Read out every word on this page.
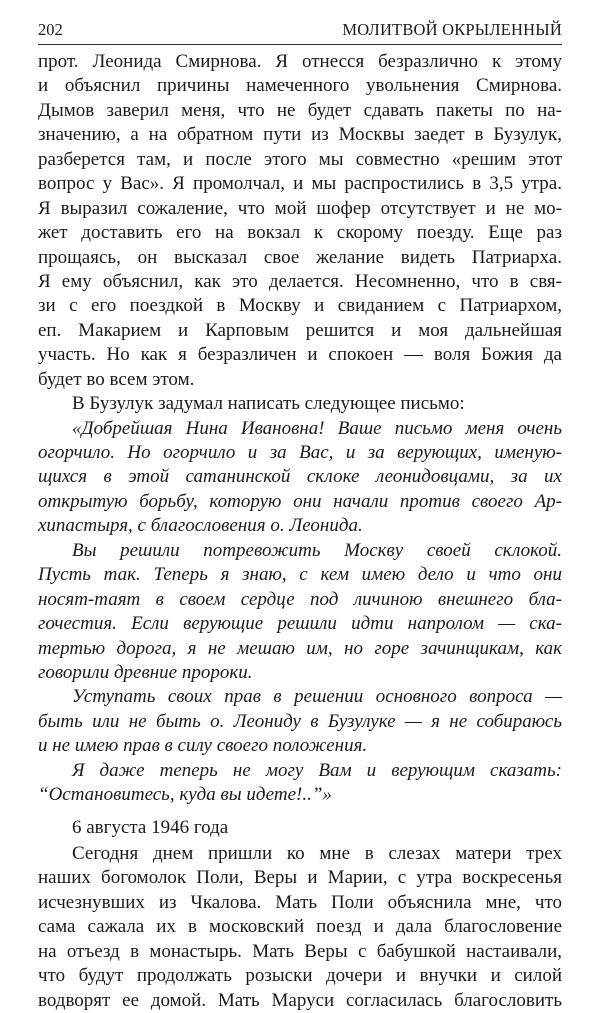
202	МОЛИТВОЙ ОКРЫЛЕННЫЙ
прот. Леонида Смирнова. Я отнесся безразлично к этому
и объяснил причины намеченного увольнения Смирнова.
Дымов заверил меня, что не будет сдавать пакеты по на-
значению, а на обратном пути из Москвы заедет в Бузулук,
разберется там, и после этого мы совместно «решим этот
вопрос у Вас». Я промолчал, и мы распростились в 3,5 утра.
Я выразил сожаление, что мой шофер отсутствует и не мо-
жет доставить его на вокзал к скорому поезду. Еще раз
прощаясь, он высказал свое желание видеть Патриарха.
Я ему объяснил, как это делается. Несомненно, что в свя-
зи с его поездкой в Москву и свиданием с Патриархом,
еп. Макарием и Карповым решится и моя дальнейшая
участь. Но как я безразличен и спокоен — воля Божия да
будет во всем этом.
В Бузулук задумал написать следующее письмо:
«Добрейшая Нина Ивановна! Ваше письмо меня очень
огорчило. Но огорчило и за Вас, и за верующих, именую-
щихся в этой сатанинской склоке леонидовцами, за их
открытую борьбу, которую они начали против своего Ар-
хипастыря, с благословения о. Леонида.
Вы решили потревожить Москву своей склокой.
Пусть так. Теперь я знаю, с кем имею дело и что они
носят-таят в своем сердце под личиною внешнего бла-
гочестия. Если верующие решили идти напролом — ска-
тертью дорога, я не мешаю им, но горе зачинщикам, как
говорили древние пророки.
Уступать своих прав в решении основного вопроса —
быть или не быть о. Леониду в Бузулуке — я не собираюсь
и не имею прав в силу своего положения.
Я даже теперь не могу Вам и верующим сказать:
“Остановитесь, куда вы идете!..”»
6 августа 1946 года
Сегодня днем пришли ко мне в слезах матери трех
наших богомолок Поли, Веры и Марии, с утра воскресенья
исчезнувших из Чкалова. Мать Поли объяснила мне, что
сама сажала их в московский поезд и дала благословение
на отъезд в монастырь. Мать Веры с бабушкой настаивали,
что будут продолжать розыски дочери и внучки и силой
водворят ее домой. Мать Маруси согласилась благословить
